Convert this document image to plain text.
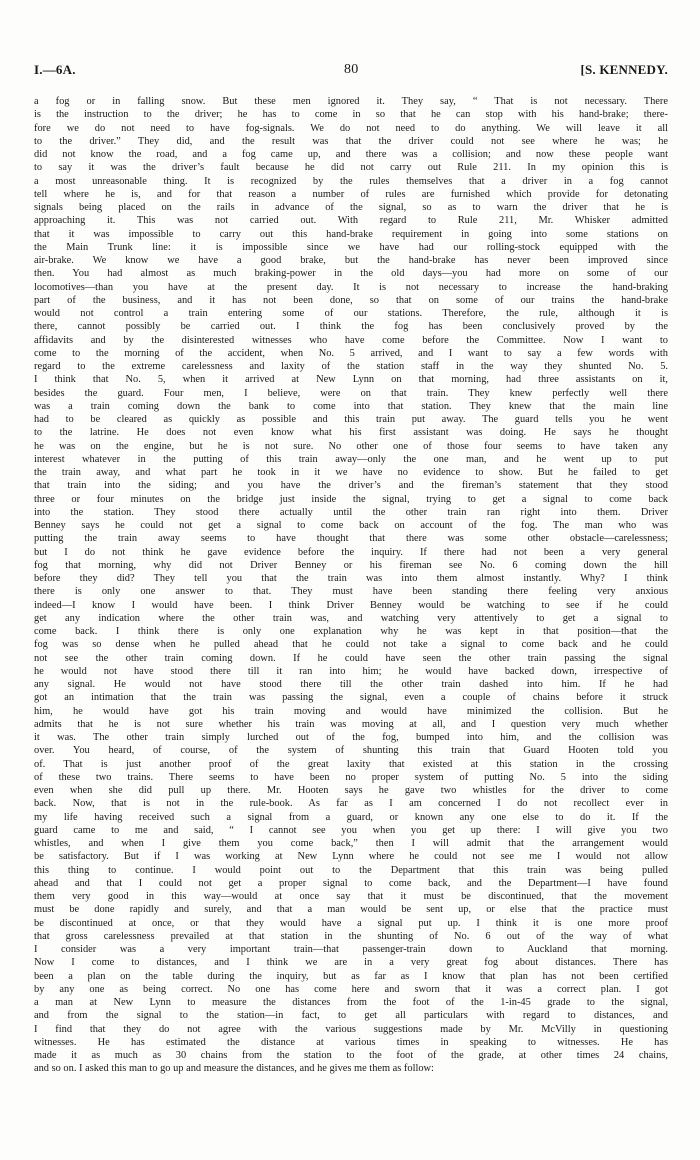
I.—6A.	80	[S. KENNEDY.
a fog or in falling snow. But these men ignored it. They say, “ That is not necessary. There
is the instruction to the driver; he has to come in so that he can stop with his hand-brake; there-
fore we do not need to have fog-signals. We do not need to do anything. We will leave it all
to the driver.” They did, and the result was that the driver could not see where he was; he
did not know the road, and a fog came up, and there was a collision; and now these people want
to say it was the driver’s fault because he did not carry out Rule 211. In my opinion this is
a most unreasonable thing. It is recognized by the rules themselves that a driver in a fog cannot
tell where he is, and for that reason a number of rules are furnished which provide for detonating
signals being placed on the rails in advance of the signal, so as to warn the driver that he is
approaching it. This was not carried out. With regard to Rule 211, Mr. Whisker admitted
that it was impossible to carry out this hand-brake requirement in going into some stations on
the Main Trunk line: it is impossible since we have had our rolling-stock equipped with the
air-brake. We know we have a good brake, but the hand-brake has never been improved since
then. You had almost as much braking-power in the old days—you had more on some of our
locomotives—than you have at the present day. It is not necessary to increase the hand-braking
part of the business, and it has not been done, so that on some of our trains the hand-brake
would not control a train entering some of our stations. Therefore, the rule, although it is
there, cannot possibly be carried out. I think the fog has been conclusively proved by the
affidavits and by the disinterested witnesses who have come before the Committee. Now I want to
come to the morning of the accident, when No. 5 arrived, and I want to say a few words with
regard to the extreme carelessness and laxity of the station staff in the way they shunted No. 5.
I think that No. 5, when it arrived at New Lynn on that morning, had three assistants on it,
besides the guard. Four men, I believe, were on that train. They knew perfectly well there
was a train coming down the bank to come into that station. They knew that the main line
had to be cleared as quickly as possible and this train put away. The guard tells you he went
to the latrine. He does not even know what his first assistant was doing. He says he thought
he was on the engine, but he is not sure. No other one of those four seems to have taken any
interest whatever in the putting of this train away—only the one man, and he went up to put
the train away, and what part he took in it we have no evidence to show. But he failed to get
that train into the siding; and you have the driver’s and the fireman’s statement that they stood
three or four minutes on the bridge just inside the signal, trying to get a signal to come back
into the station. They stood there actually until the other train ran right into them. Driver
Benney says he could not get a signal to come back on account of the fog. The man who was
putting the train away seems to have thought that there was some other obstacle—carelessness;
but I do not think he gave evidence before the inquiry. If there had not been a very general
fog that morning, why did not Driver Benney or his fireman see No. 6 coming down the hill
before they did? They tell you that the train was into them almost instantly. Why? I think
there is only one answer to that. They must have been standing there feeling very anxious
indeed—I know I would have been. I think Driver Benney would be watching to see if he could
get any indication where the other train was, and watching very attentively to get a signal to
come back. I think there is only one explanation why he was kept in that position—that the
fog was so dense when he pulled ahead that he could not take a signal to come back and he could
not see the other train coming down. If he could have seen the other train passing the signal
he would not have stood there till it ran into him; he would have backed down, irrespective of
any signal. He would not have stood there till the other train dashed into him. If he had
got an intimation that the train was passing the signal, even a couple of chains before it struck
him, he would have got his train moving and would have minimized the collision. But he
admits that he is not sure whether his train was moving at all, and I question very much whether
it was. The other train simply lurched out of the fog, bumped into him, and the collision was
over. You heard, of course, of the system of shunting this train that Guard Hooten told you
of. That is just another proof of the great laxity that existed at this station in the crossing
of these two trains. There seems to have been no proper system of putting No. 5 into the siding
even when she did pull up there. Mr. Hooten says he gave two whistles for the driver to come
back. Now, that is not in the rule-book. As far as I am concerned I do not recollect ever in
my life having received such a signal from a guard, or known any one else to do it. If the
guard came to me and said, “ I cannot see you when you get up there: I will give you two
whistles, and when I give them you come back,” then I will admit that the arrangement would
be satisfactory. But if I was working at New Lynn where he could not see me I would not allow
this thing to continue. I would point out to the Department that this train was being pulled
ahead and that I could not get a proper signal to come back, and the Department—I have found
them very good in this way—would at once say that it must be discontinued, that the movement
must be done rapidly and surely, and that a man would be sent up, or else that the practice must
be discontinued at once, or that they would have a signal put up. I think it is one more proof
that gross carelessness prevailed at that station in the shunting of No. 6 out of the way of what
I consider was a very important train—that passenger-train down to Auckland that morning.
Now I come to distances, and I think we are in a very great fog about distances. There has
been a plan on the table during the inquiry, but as far as I know that plan has not been certified
by any one as being correct. No one has come here and sworn that it was a correct plan. I got
a man at New Lynn to measure the distances from the foot of the 1-in-45 grade to the signal,
and from the signal to the station—in fact, to get all particulars with regard to distances, and
I find that they do not agree with the various suggestions made by Mr. McVilly in questioning
witnesses. He has estimated the distance at various times in speaking to witnesses. He has
made it as much as 30 chains from the station to the foot of the grade, at other times 24 chains,
and so on. I asked this man to go up and measure the distances, and he gives me them as follow:
